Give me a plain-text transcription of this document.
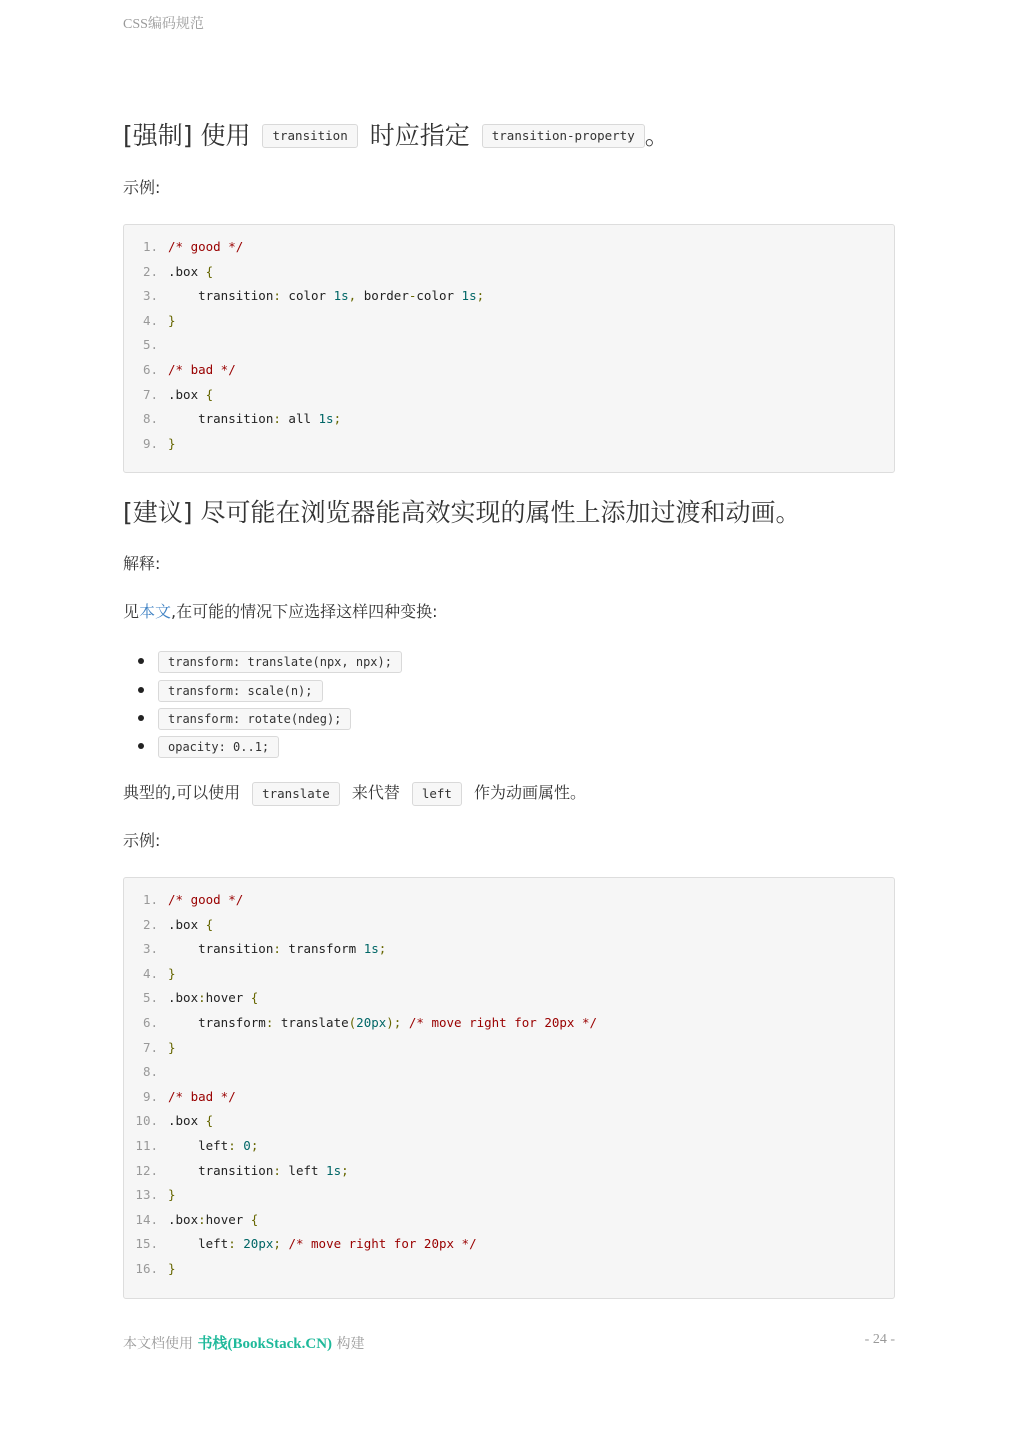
CSS编码规范
[强制] 使用 transition 时应指定 transition-property 。

示例:

1. /* good */
2. .box {
3.    transition: color 1s, border-color 1s;
4. }
5.
6. /* bad */
7. .box {
8.    transition: all 1s;
9. }
[建议] 尽可能在浏览器能高效实现的属性上添加过渡和动画。

解释:

见本文,在可能的情况下应选择这样四种变换:

transform: translate(npx, npx);
transform: scale(n);
transform: rotate(ndeg);
opacity: 0..1;

典型的,可以使用 translate 来代替 left 作为动画属性。

示例:

1. /* good */
2. .box {
3.    transition: transform 1s;
4. }
5. .box:hover {
6.    transform: translate(20px); /* move right for 20px */
7. }
8.
9. /* bad */
10. .box {
11.    left: 0;
12.    transition: left 1s;
13. }
14. .box:hover {
15.    left: 20px; /* move right for 20px */
16. }
本文档使用 书栈(BookStack.CN) 构建	- 24 -
